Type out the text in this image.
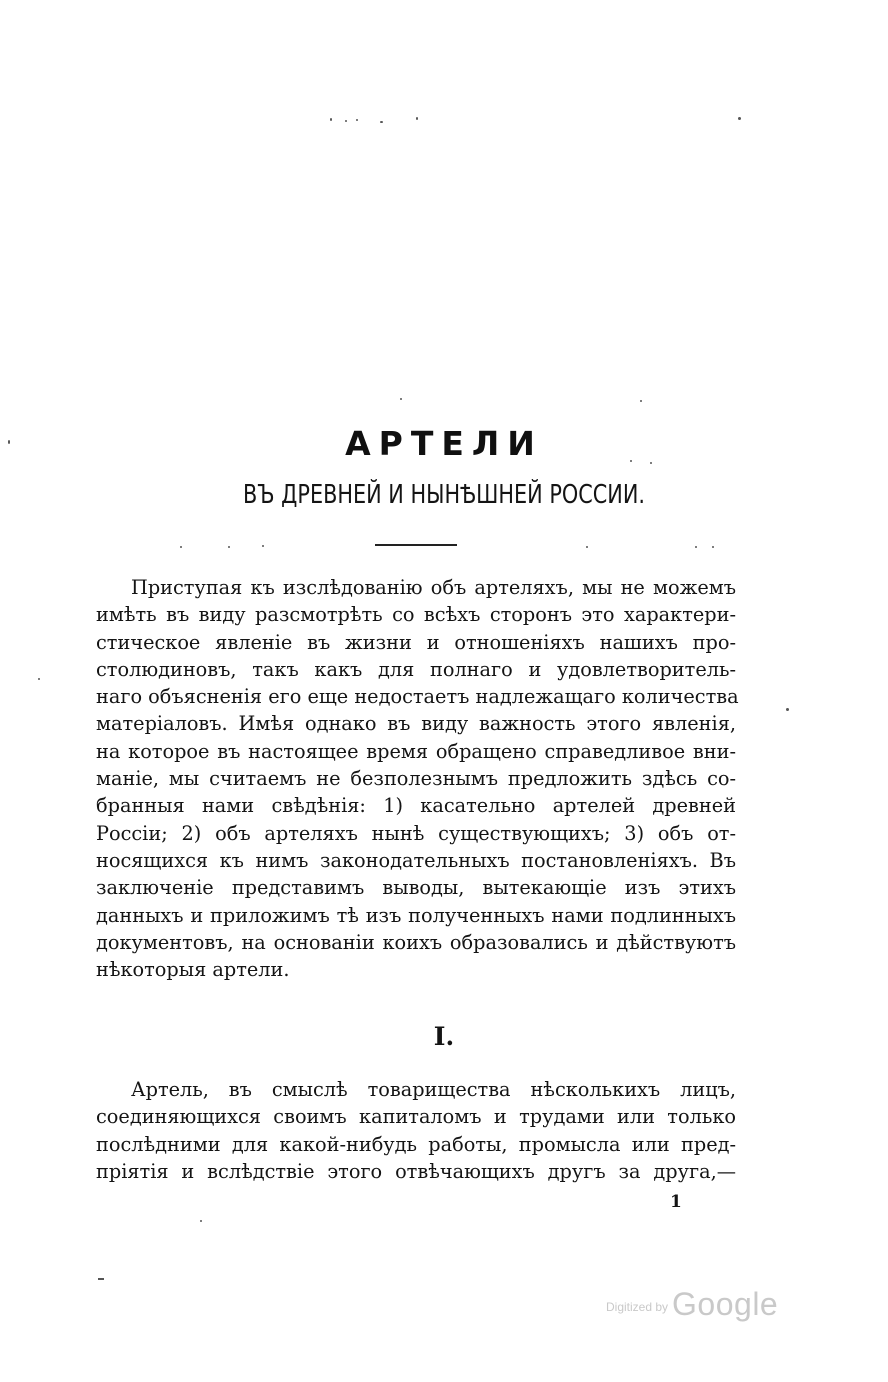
АРТЕЛИ
ВЪ ДРЕВНЕЙ И НЫНѢШНЕЙ РОССИИ.
Приступая къ изслѣдованію объ артеляхъ, мы не можемъ
имѣть въ виду разсмотрѣть со всѣхъ сторонъ это характери-
стическое явленіе въ жизни и отношеніяхъ нашихъ про-
столюдиновъ, такъ какъ для полнаго и удовлетворитель-
наго объясненія его еще недостаетъ надлежащаго количества
матеріаловъ. Имѣя однако въ виду важность этого явленія,
на которое въ настоящее время обращено справедливое вни-
маніе, мы считаемъ не безполезнымъ предложить здѣсь со-
бранныя нами свѣдѣнія: 1) касательно артелей древней
Россіи; 2) объ артеляхъ нынѣ существующихъ; 3) объ от-
носящихся къ нимъ законодательныхъ постановленіяхъ. Въ
заключеніе представимъ выводы, вытекающіе изъ этихъ
данныхъ и приложимъ тѣ изъ полученныхъ нами подлинныхъ
документовъ, на основаніи коихъ образовались и дѣйствуютъ
нѣкоторыя артели.
I.
Артель, въ смыслѣ товарищества нѣсколькихъ лицъ,
соединяющихся своимъ капиталомъ и трудами или только
послѣдними для какой-нибудь работы, промысла или пред-
пріятія и вслѣдствіе этого отвѣчающихъ другъ за друга,—
1
$^{Digitized by}$ Google
